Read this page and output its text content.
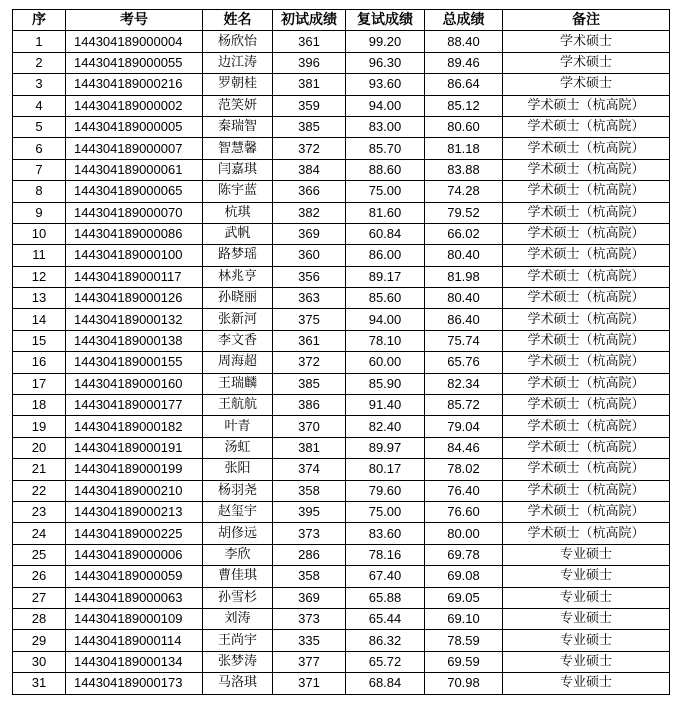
序	考号	姓名	初试成绩	复试成绩	总成绩	备注
1	144304189000004	杨欣怡	361	99.20	88.40	学术硕士
2	144304189000055	边江涛	396	96.30	89.46	学术硕士
3	144304189000216	罗朝桂	381	93.60	86.64	学术硕士
4	144304189000002	范笑妍	359	94.00	85.12	学术硕士（杭高院）
5	144304189000005	秦瑞智	385	83.00	80.60	学术硕士（杭高院）
6	144304189000007	智慧馨	372	85.70	81.18	学术硕士（杭高院）
7	144304189000061	闫嘉琪	384	88.60	83.88	学术硕士（杭高院）
8	144304189000065	陈宇蓝	366	75.00	74.28	学术硕士（杭高院）
9	144304189000070	杭琪	382	81.60	79.52	学术硕士（杭高院）
10	144304189000086	武帆	369	60.84	66.02	学术硕士（杭高院）
11	144304189000100	路梦瑶	360	86.00	80.40	学术硕士（杭高院）
12	144304189000117	林兆亨	356	89.17	81.98	学术硕士（杭高院）
13	144304189000126	孙晓丽	363	85.60	80.40	学术硕士（杭高院）
14	144304189000132	张新河	375	94.00	86.40	学术硕士（杭高院）
15	144304189000138	李文香	361	78.10	75.74	学术硕士（杭高院）
16	144304189000155	周海超	372	60.00	65.76	学术硕士（杭高院）
17	144304189000160	王瑞麟	385	85.90	82.34	学术硕士（杭高院）
18	144304189000177	王航航	386	91.40	85.72	学术硕士（杭高院）
19	144304189000182	叶青	370	82.40	79.04	学术硕士（杭高院）
20	144304189000191	汤虹	381	89.97	84.46	学术硕士（杭高院）
21	144304189000199	张阳	374	80.17	78.02	学术硕士（杭高院）
22	144304189000210	杨羽尧	358	79.60	76.40	学术硕士（杭高院）
23	144304189000213	赵玺宇	395	75.00	76.60	学术硕士（杭高院）
24	144304189000225	胡俢远	373	83.60	80.00	学术硕士（杭高院）
25	144304189000006	李欣	286	78.16	69.78	专业硕士
26	144304189000059	曹佳琪	358	67.40	69.08	专业硕士
27	144304189000063	孙雪杉	369	65.88	69.05	专业硕士
28	144304189000109	刘涛	373	65.44	69.10	专业硕士
29	144304189000114	王尚宇	335	86.32	78.59	专业硕士
30	144304189000134	张梦涛	377	65.72	69.59	专业硕士
31	144304189000173	马洛琪	371	68.84	70.98	专业硕士
